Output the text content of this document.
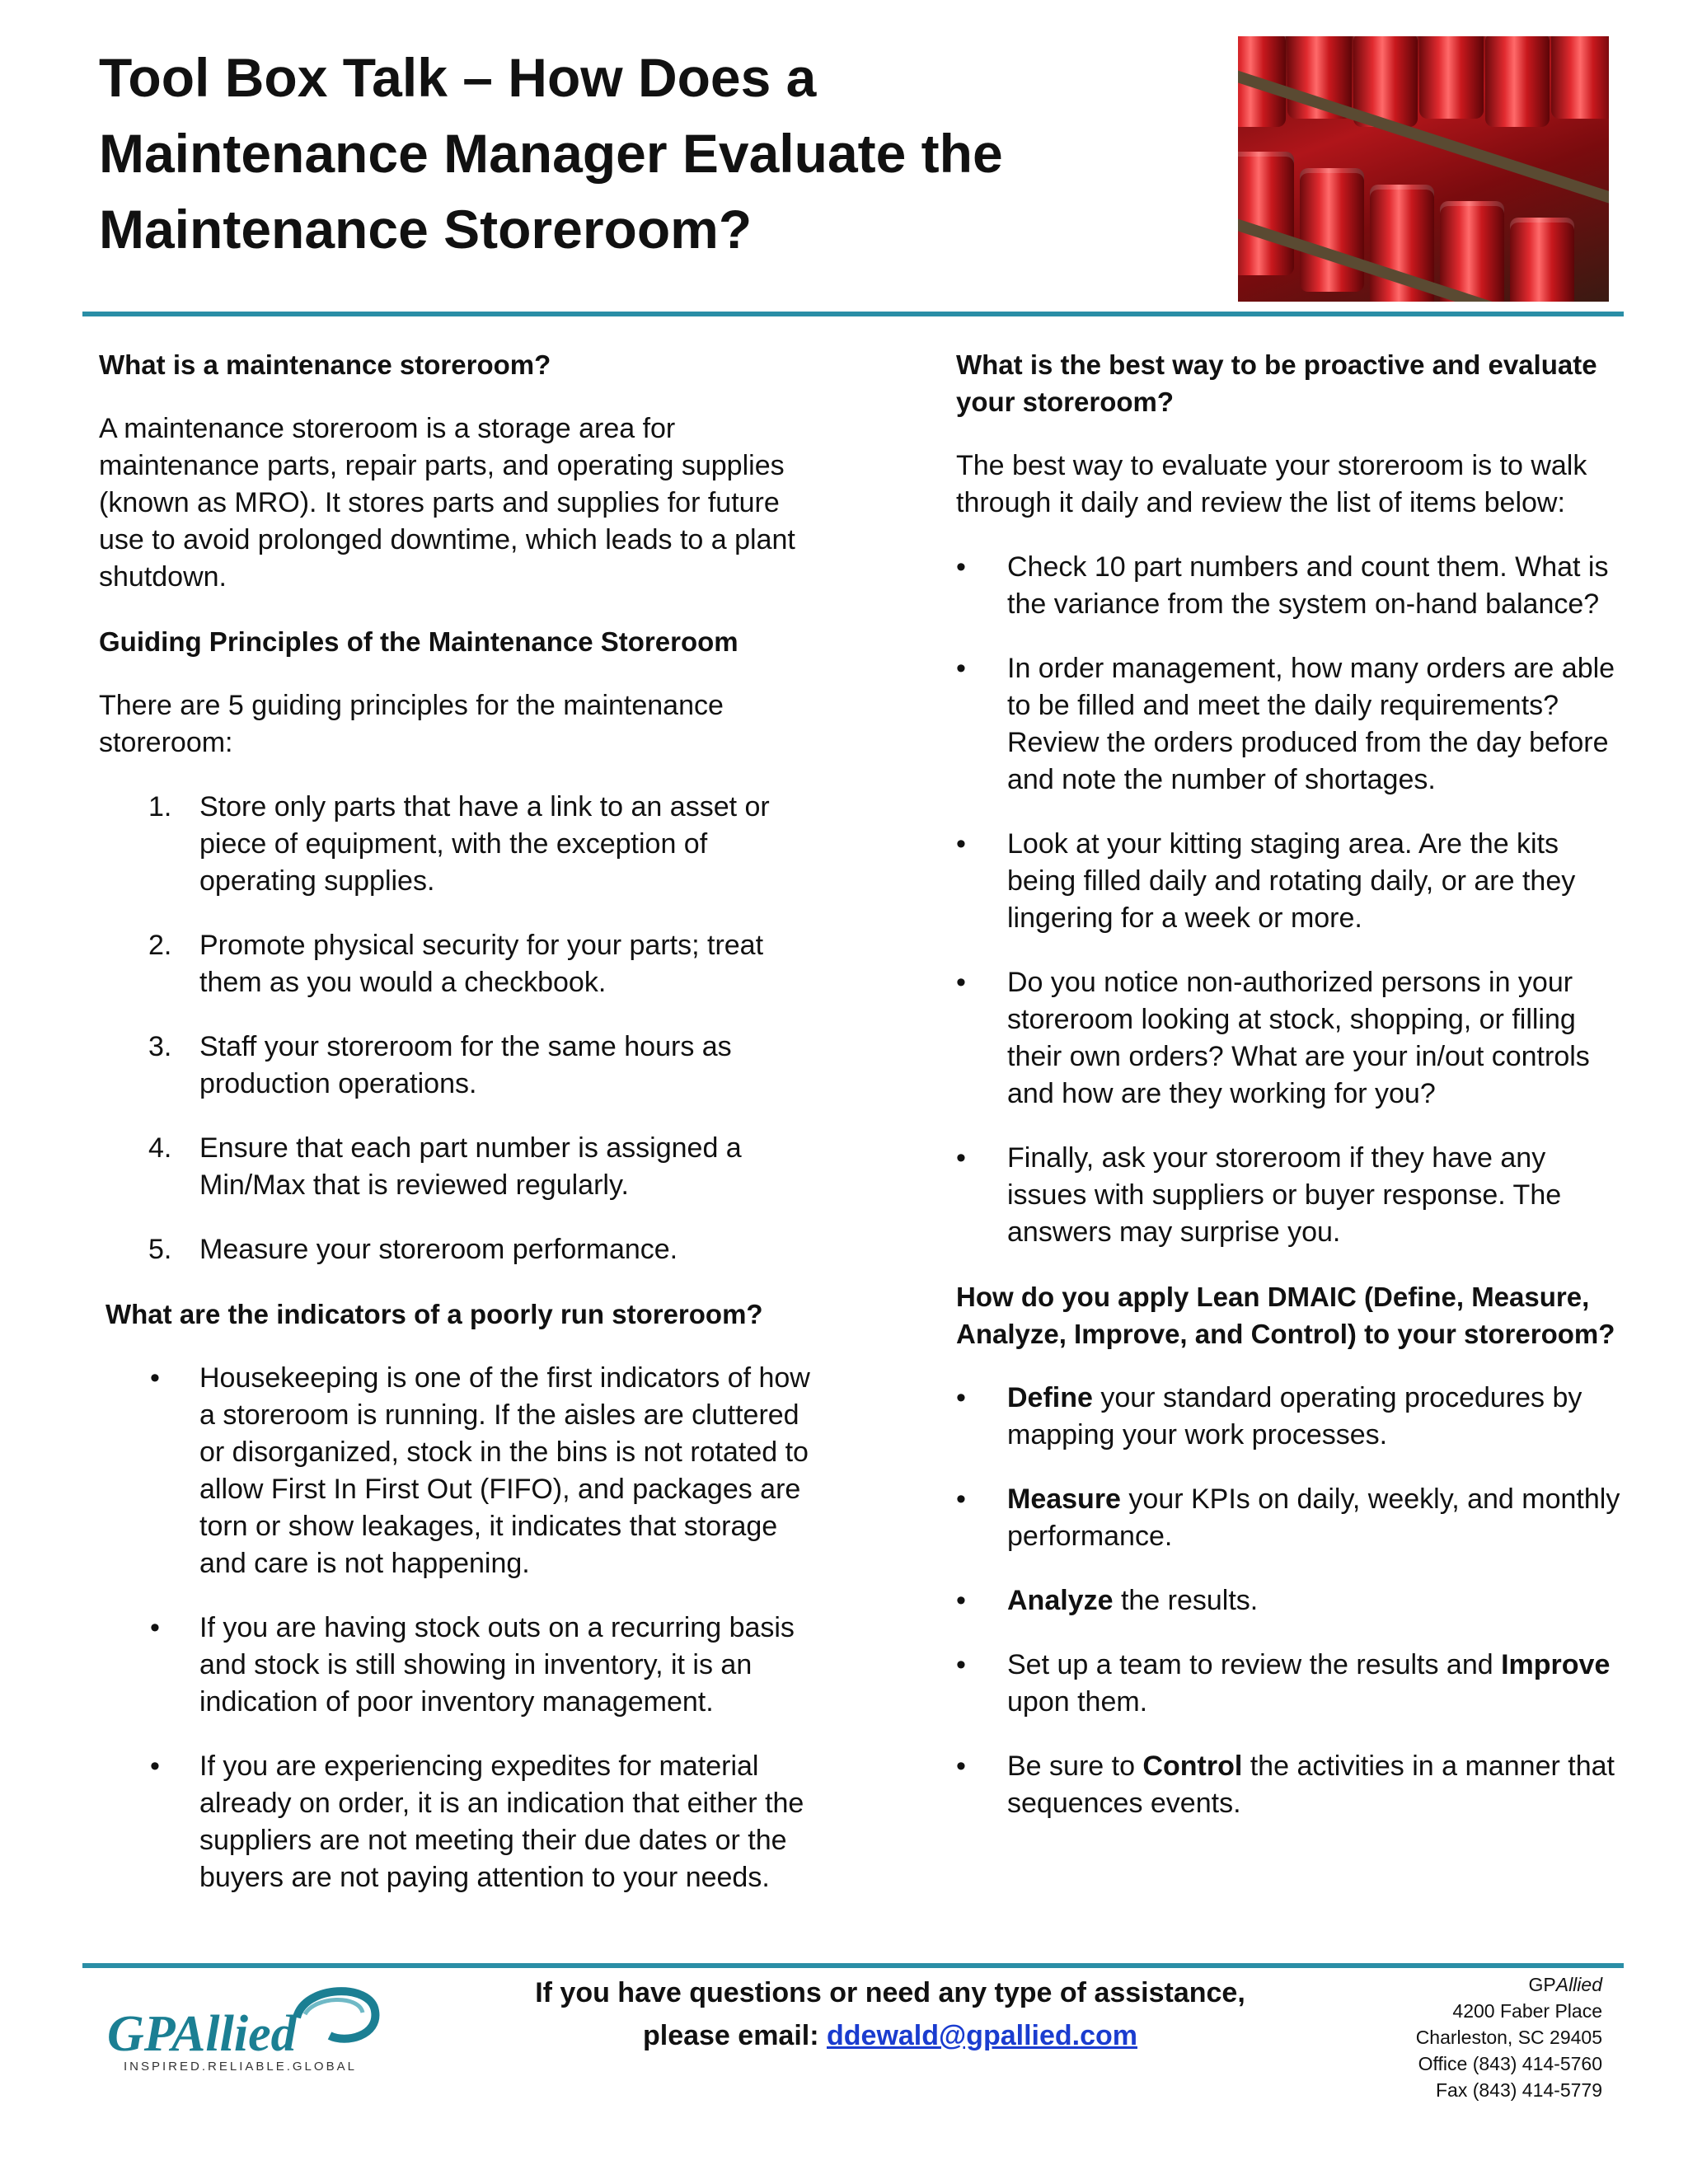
Tool Box Talk – How Does a
Maintenance Manager Evaluate the
Maintenance Storeroom?
What is a maintenance storeroom?

A maintenance storeroom is a storage area for maintenance parts, repair parts, and operating supplies (known as MRO). It stores parts and supplies for future use to avoid prolonged downtime, which leads to a plant shutdown.

Guiding Principles of the Maintenance Storeroom

There are 5 guiding principles for the maintenance storeroom:

1. Store only parts that have a link to an asset or piece of equipment, with the exception of operating supplies.
2. Promote physical security for your parts; treat them as you would a checkbook.
3. Staff your storeroom for the same hours as production operations.
4. Ensure that each part number is assigned a Min/Max that is reviewed regularly.
5. Measure your storeroom performance.
What are the indicators of a poorly run storeroom?
• Housekeeping is one of the first indicators of how a storeroom is running. If the aisles are cluttered or disorganized, stock in the bins is not rotated to allow First In First Out (FIFO), and packages are torn or show leakages, it indicates that storage and care is not happening.
• If you are having stock outs on a recurring basis and stock is still showing in inventory, it is an indication of poor inventory management.
• If you are experiencing expedites for material already on order, it is an indication that either the suppliers are not meeting their due dates or the buyers are not paying attention to your needs.
What is the best way to be proactive and evaluate your storeroom?

The best way to evaluate your storeroom is to walk through it daily and review the list of items below:

• Check 10 part numbers and count them. What is the variance from the system on-hand balance?
• In order management, how many orders are able to be filled and meet the daily requirements? Review the orders produced from the day before and note the number of shortages.
• Look at your kitting staging area. Are the kits being filled daily and rotating daily, or are they lingering for a week or more.
• Do you notice non-authorized persons in your storeroom looking at stock, shopping, or filling their own orders? What are your in/out controls and how are they working for you?
• Finally, ask your storeroom if they have any issues with suppliers or buyer response. The answers may surprise you.
How do you apply Lean DMAIC (Define, Measure, Analyze, Improve, and Control) to your storeroom?
• Define your standard operating procedures by mapping your work processes.
• Measure your KPIs on daily, weekly, and monthly performance.
• Analyze the results.
• Set up a team to review the results and Improve upon them.
• Be sure to Control the activities in a manner that sequences events.
GPAllied
INSPIRED.RELIABLE.GLOBAL
If you have questions or need any type of assistance,
please email: ddewald@gpallied.com
GPAllied
4200 Faber Place
Charleston, SC 29405
Office (843) 414-5760
Fax (843) 414-5779
